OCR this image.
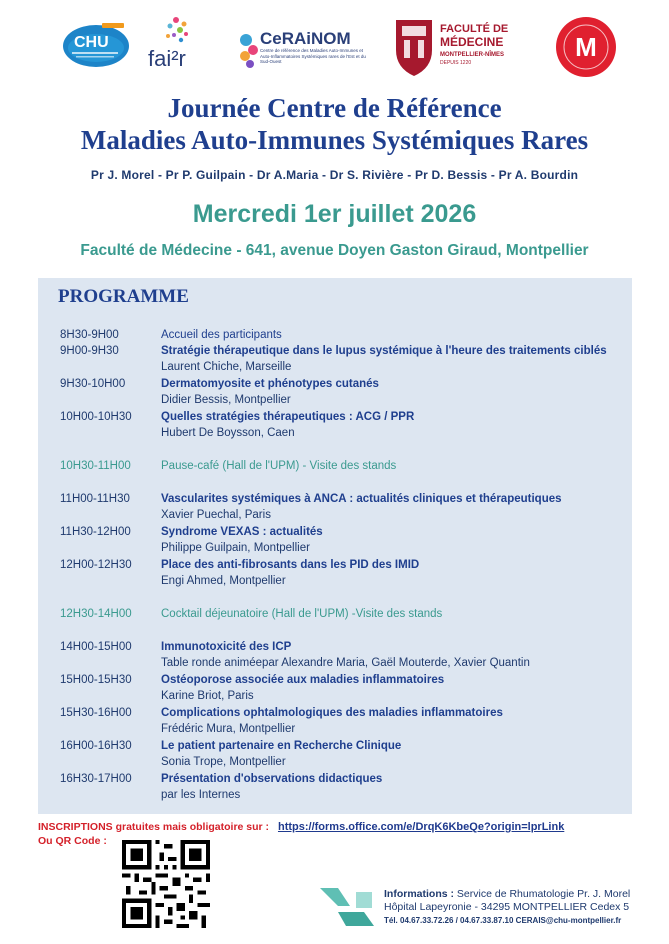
CHU
fai²r
CeRAiNOM
Centre de référence des Maladies Auto-Immunes et Auto-Inflammatoires Systémiques rares de l'Est et du Sud-Ouest
FACULTÉ DE
MÉDECINE
MONTPELLIER-NÎMES
DEPUIS 1220
M
Journée Centre de Référence
Maladies Auto-Immunes Systémiques Rares
Pr J. Morel - Pr P. Guilpain - Dr A.Maria - Dr S. Rivière - Pr D. Bessis - Pr A. Bourdin
Mercredi 1er juillet 2026
Faculté de Médecine - 641, avenue Doyen Gaston Giraud, Montpellier
PROGRAMME
8H30-9H00	Accueil des participants
9H00-9H30	Stratégie thérapeutique dans le lupus systémique à l'heure des traitements ciblés
Laurent Chiche, Marseille
9H30-10H00	Dermatomyosite et phénotypes cutanés
Didier Bessis, Montpellier
10H00-10H30	Quelles stratégies thérapeutiques : ACG / PPR
Hubert De Boysson, Caen
10H30-11H00	Pause-café (Hall de l'UPM) - Visite des stands
11H00-11H30	Vascularites systémiques à ANCA : actualités cliniques et thérapeutiques
Xavier Puechal, Paris
11H30-12H00	Syndrome VEXAS : actualités
Philippe Guilpain, Montpellier
12H00-12H30	Place des anti-fibrosants dans les PID des IMID
Engi Ahmed, Montpellier
12H30-14H00	Cocktail déjeunatoire (Hall de l'UPM) -Visite des stands
14H00-15H00	Immunotoxicité des ICP
Table ronde animéepar Alexandre Maria, Gaël Mouterde, Xavier Quantin
15H00-15H30	Ostéoporose associée aux maladies inflammatoires
Karine Briot, Paris
15H30-16H00	Complications ophtalmologiques des maladies inflammatoires
Frédéric Mura, Montpellier
16H00-16H30	Le patient partenaire en Recherche Clinique
Sonia Trope, Montpellier
16H30-17H00	Présentation d'observations didactiques
par les Internes
INSCRIPTIONS gratuites mais obligatoire sur : https://forms.office.com/e/DrqK6KbeQe?origin=lprLink
Ou QR Code :
Informations : Service de Rhumatologie Pr. J. Morel
Hôpital Lapeyronie - 34295 MONTPELLIER Cedex 5
Tél. 04.67.33.72.26 / 04.67.33.87.10 CERAIS@chu-montpellier.fr
